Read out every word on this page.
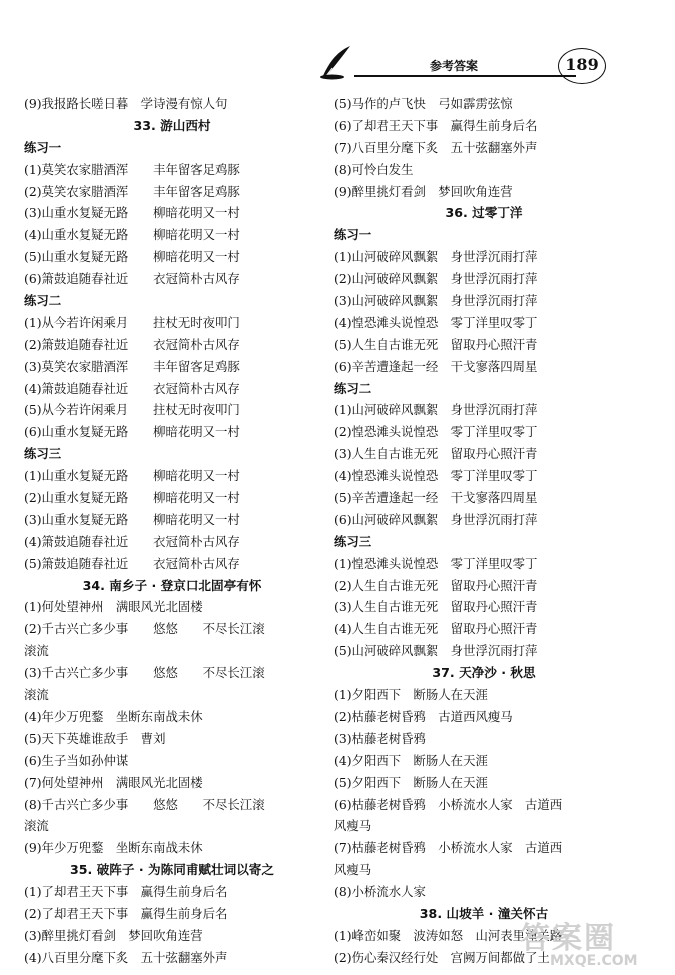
参考答案	189
(9)我报路长嗟日暮　学诗漫有惊人句
33. 游山西村
练习一
(1)莫笑农家腊酒浑　　丰年留客足鸡豚
(2)莫笑农家腊酒浑　　丰年留客足鸡豚
(3)山重水复疑无路　　柳暗花明又一村
(4)山重水复疑无路　　柳暗花明又一村
(5)山重水复疑无路　　柳暗花明又一村
(6)箫鼓追随春社近　　衣冠简朴古风存
练习二
(1)从今若许闲乘月　　拄杖无时夜叩门
(2)箫鼓追随春社近　　衣冠简朴古风存
(3)莫笑农家腊酒浑　　丰年留客足鸡豚
(4)箫鼓追随春社近　　衣冠简朴古风存
(5)从今若许闲乘月　　拄杖无时夜叩门
(6)山重水复疑无路　　柳暗花明又一村
练习三
(1)山重水复疑无路　　柳暗花明又一村
(2)山重水复疑无路　　柳暗花明又一村
(3)山重水复疑无路　　柳暗花明又一村
(4)箫鼓追随春社近　　衣冠简朴古风存
(5)箫鼓追随春社近　　衣冠简朴古风存
34. 南乡子 · 登京口北固亭有怀
(1)何处望神州　满眼风光北固楼
(2)千古兴亡多少事　　悠悠　　不尽长江滚
滚流
(3)千古兴亡多少事　　悠悠　　不尽长江滚
滚流
(4)年少万兜鍪　坐断东南战未休
(5)天下英雄谁敌手　曹刘
(6)生子当如孙仲谋
(7)何处望神州　满眼风光北固楼
(8)千古兴亡多少事　　悠悠　　不尽长江滚
滚流
(9)年少万兜鍪　坐断东南战未休
35. 破阵子 · 为陈同甫赋壮词以寄之
(1)了却君王天下事　赢得生前身后名
(2)了却君王天下事　赢得生前身后名
(3)醉里挑灯看剑　梦回吹角连营
(4)八百里分麾下炙　五十弦翻塞外声
(5)马作的卢飞快　弓如霹雳弦惊
(6)了却君王天下事　赢得生前身后名
(7)八百里分麾下炙　五十弦翻塞外声
(8)可怜白发生
(9)醉里挑灯看剑　梦回吹角连营
36. 过零丁洋
练习一
(1)山河破碎风飘絮　身世浮沉雨打萍
(2)山河破碎风飘絮　身世浮沉雨打萍
(3)山河破碎风飘絮　身世浮沉雨打萍
(4)惶恐滩头说惶恐　零丁洋里叹零丁
(5)人生自古谁无死　留取丹心照汗青
(6)辛苦遭逢起一经　干戈寥落四周星
练习二
(1)山河破碎风飘絮　身世浮沉雨打萍
(2)惶恐滩头说惶恐　零丁洋里叹零丁
(3)人生自古谁无死　留取丹心照汗青
(4)惶恐滩头说惶恐　零丁洋里叹零丁
(5)辛苦遭逢起一经　干戈寥落四周星
(6)山河破碎风飘絮　身世浮沉雨打萍
练习三
(1)惶恐滩头说惶恐　零丁洋里叹零丁
(2)人生自古谁无死　留取丹心照汗青
(3)人生自古谁无死　留取丹心照汗青
(4)人生自古谁无死　留取丹心照汗青
(5)山河破碎风飘絮　身世浮沉雨打萍
37. 天净沙 · 秋思
(1)夕阳西下　断肠人在天涯
(2)枯藤老树昏鸦　古道西风瘦马
(3)枯藤老树昏鸦
(4)夕阳西下　断肠人在天涯
(5)夕阳西下　断肠人在天涯
(6)枯藤老树昏鸦　小桥流水人家　古道西
风瘦马
(7)枯藤老树昏鸦　小桥流水人家　古道西
风瘦马
(8)小桥流水人家
38. 山坡羊 · 潼关怀古
(1)峰峦如聚　波涛如怒　山河表里潼关路
(2)伤心秦汉经行处　宫阙万间都做了土
答案圈
MXQE.COM
